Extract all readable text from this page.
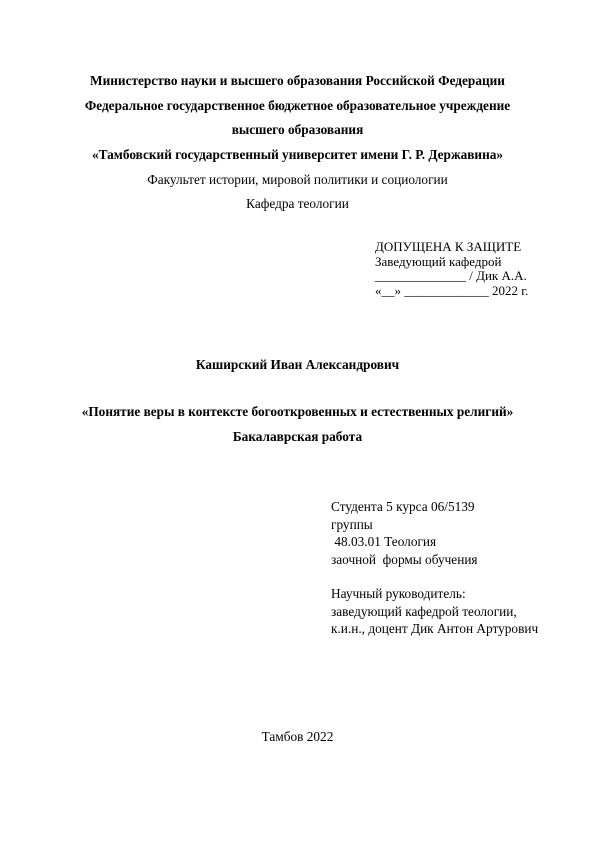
Министерство науки и высшего образования Российской Федерации
Федеральное государственное бюджетное образовательное учреждение
высшего образования
«Тамбовский государственный университет имени Г. Р. Державина»
Факультет истории, мировой политики и социологии
Кафедра теологии
ДОПУЩЕНА К ЗАЩИТЕ
Заведующий кафедрой
______________ / Дик А.А.
«__» _____________ 2022 г.
Каширский Иван Александрович
«Понятие веры в контексте богооткровенных и естественных религий»
Бакалаврская работа
Студента 5 курса 06/5139
группы
48.03.01 Теология
заочной  формы обучения
Научный руководитель:
заведующий кафедрой теологии,
к.и.н., доцент Дик Антон Артурович
Тамбов 2022
